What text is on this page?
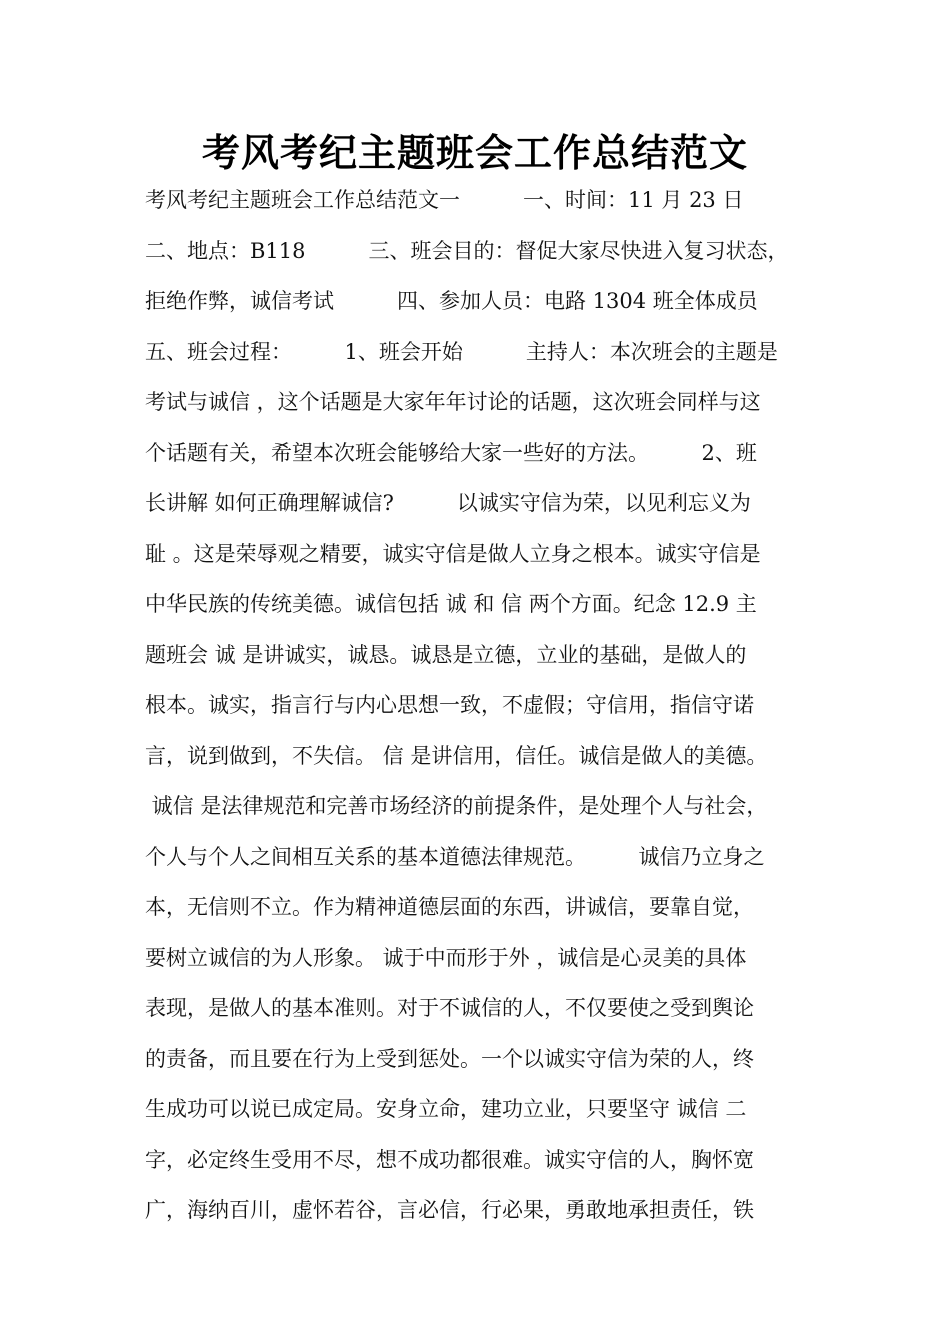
考风考纪主题班会工作总结范文
考风考纪主题班会工作总结范文一　　　一、时间：11 月 23 日
二、地点：B118　　　三、班会目的：督促大家尽快进入复习状态，
拒绝作弊，诚信考试　　　四、参加人员：电路 1304 班全体成员
五、班会过程：　　　1、班会开始　　　主持人：本次班会的主题是
考试与诚信 ，这个话题是大家年年讨论的话题，这次班会同样与这
个话题有关，希望本次班会能够给大家一些好的方法。　　　2、班
长讲解 如何正确理解诚信?　　　以诚实守信为荣，以见利忘义为
耻 。这是荣辱观之精要，诚实守信是做人立身之根本。诚实守信是
中华民族的传统美德。诚信包括 诚 和 信 两个方面。纪念 12.9 主
题班会 诚 是讲诚实，诚恳。诚恳是立德，立业的基础，是做人的
根本。诚实，指言行与内心思想一致，不虚假；守信用，指信守诺
言，说到做到，不失信。 信 是讲信用，信任。诚信是做人的美德。
诚信 是法律规范和完善市场经济的前提条件，是处理个人与社会，
个人与个人之间相互关系的基本道德法律规范。　　　诚信乃立身之
本，无信则不立。作为精神道德层面的东西，讲诚信，要靠自觉，
要树立诚信的为人形象。 诚于中而形于外 ，诚信是心灵美的具体
表现，是做人的基本准则。对于不诚信的人，不仅要使之受到舆论
的责备，而且要在行为上受到惩处。一个以诚实守信为荣的人，终
生成功可以说已成定局。安身立命，建功立业，只要坚守 诚信 二
字，必定终生受用不尽，想不成功都很难。诚实守信的人，胸怀宽
广，海纳百川，虚怀若谷，言必信，行必果，勇敢地承担责任，铁
